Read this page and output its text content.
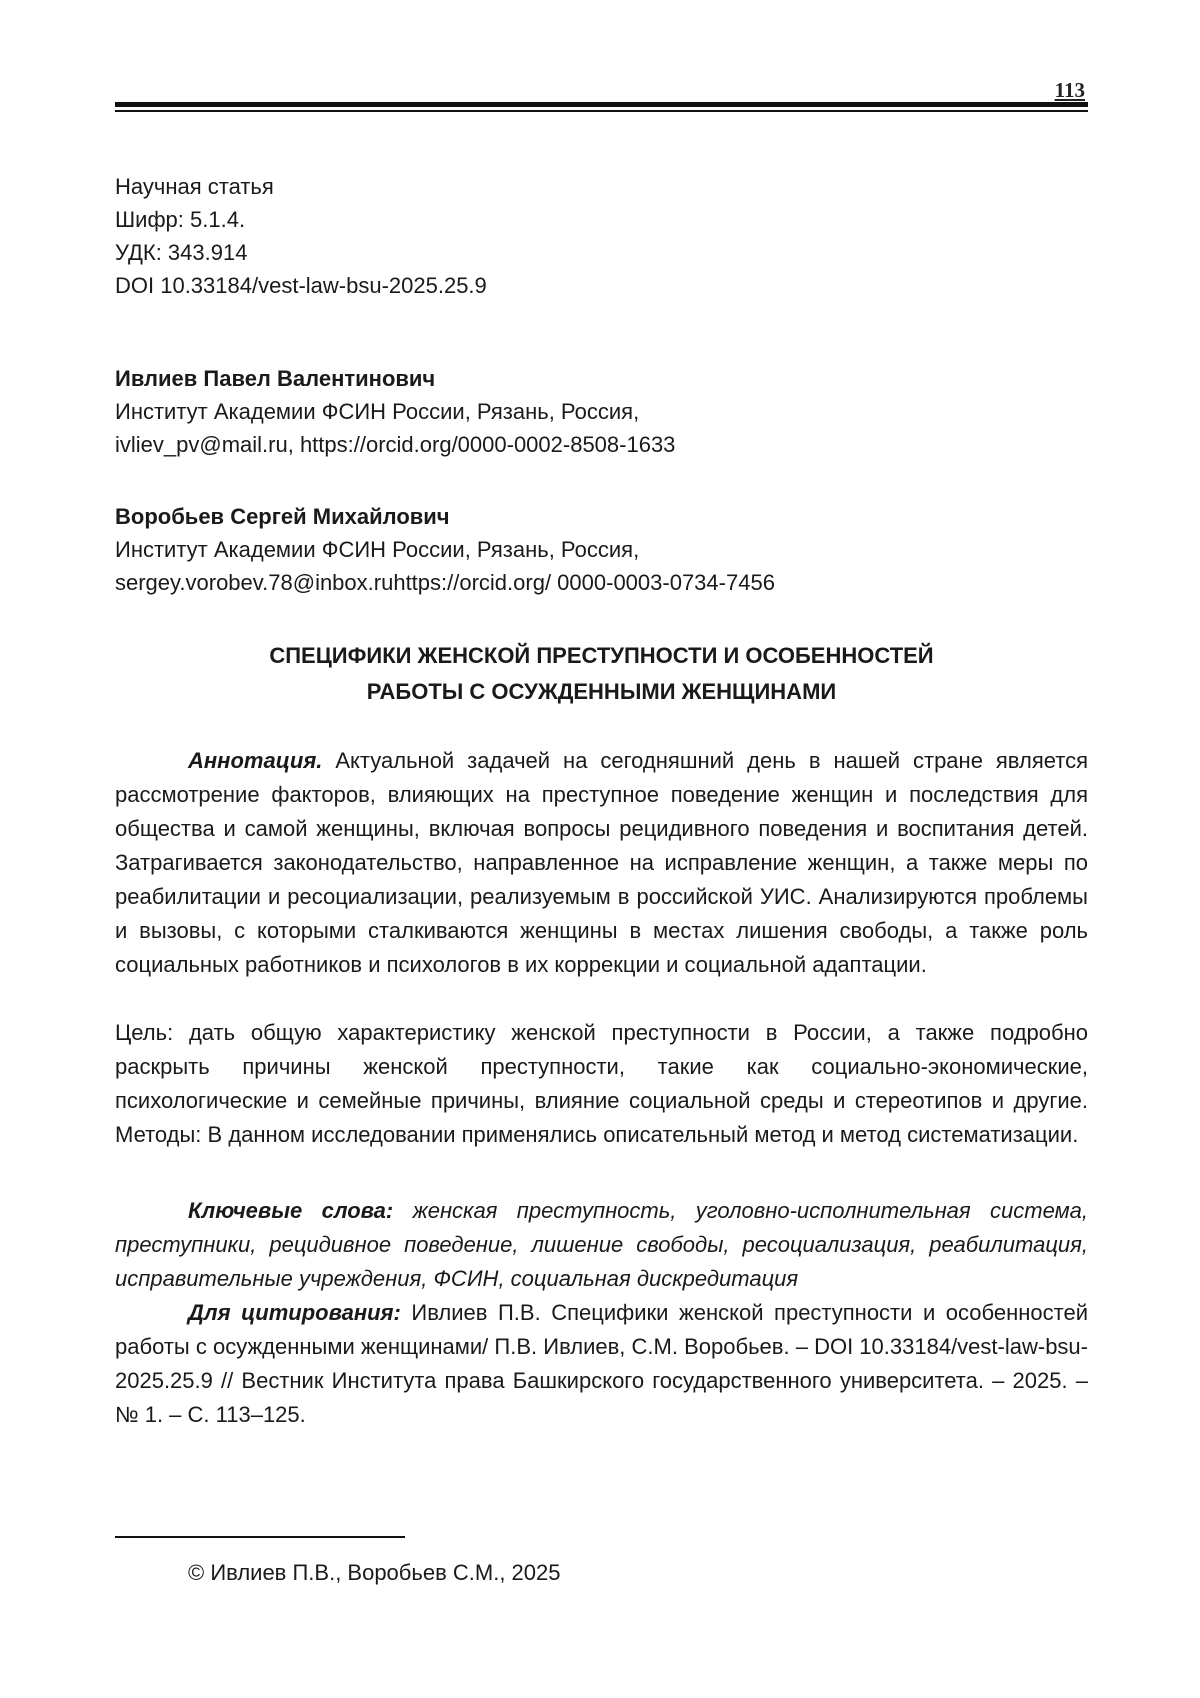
113
Научная статья
Шифр: 5.1.4.
УДК: 343.914
DOI 10.33184/vest-law-bsu-2025.25.9
Ивлиев Павел Валентинович
Институт Академии ФСИН России, Рязань, Россия,
ivliev_pv@mail.ru, https://orcid.org/0000-0002-8508-1633
Воробьев Сергей Михайлович
Институт Академии ФСИН России, Рязань, Россия,
sergey.vorobev.78@inbox.ruhttps://orcid.org/ 0000-0003-0734-7456
СПЕЦИФИКИ ЖЕНСКОЙ ПРЕСТУПНОСТИ И ОСОБЕННОСТЕЙ
РАБОТЫ С ОСУЖДЕННЫМИ ЖЕНЩИНАМИ

Аннотация. Актуальной задачей на сегодняшний день в нашей стране является рассмотрение факторов, влияющих на преступное поведение женщин и последствия для общества и самой женщины, включая вопросы рецидивного поведения и воспитания детей. Затрагивается законодательство, направленное на исправление женщин, а также меры по реабилитации и ресоциализации, реализуемым в российской УИС. Анализируются проблемы и вызовы, с которыми сталкиваются женщины в местах лишения свободы, а также роль социальных работников и психологов в их коррекции и социальной адаптации.

Цель: дать общую характеристику женской преступности в России, а также подробно раскрыть причины женской преступности, такие как социально-экономические, психологические и семейные причины, влияние социальной среды и стереотипов и другие. Методы: В данном исследовании применялись описательный метод и метод систематизации.

Ключевые слова: женская преступность, уголовно-исполнительная система, преступники, рецидивное поведение, лишение свободы, ресоциализация, реабилитация, исправительные учреждения, ФСИН, социальная дискредитация

Для цитирования: Ивлиев П.В. Специфики женской преступности и особенностей работы с осужденными женщинами/ П.В. Ивлиев, С.М. Воробьев. – DOI 10.33184/vest-law-bsu-2025.25.9 // Вестник Института права Башкирского государственного университета. – 2025. – № 1. – С. 113–125.

© Ивлиев П.В., Воробьев С.М., 2025
